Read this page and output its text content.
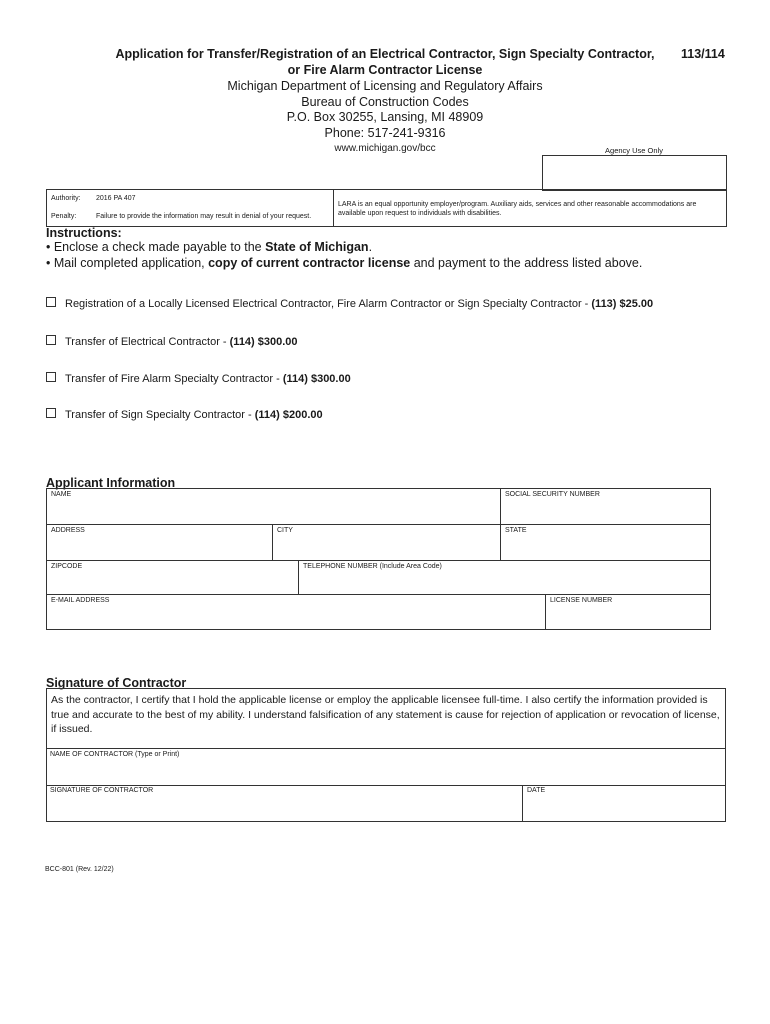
Application for Transfer/Registration of an Electrical Contractor, Sign Specialty Contractor,
or Fire Alarm Contractor License
113/114
Michigan Department of Licensing and Regulatory Affairs
Bureau of Construction Codes
P.O. Box 30255, Lansing, MI 48909
Phone: 517-241-9316
www.michigan.gov/bcc	Agency Use Only
Authority: 2016 PA 407
Penalty:	Failure to provide the information may result in denial of your request.
LARA is an equal opportunity employer/program. Auxiliary aids, services and other reasonable accommodations are available upon request to individuals with disabilities.
Instructions:
• Enclose a check made payable to the State of Michigan.
• Mail completed application, copy of current contractor license and payment to the address listed above.
Registration of a Locally Licensed Electrical Contractor, Fire Alarm Contractor or Sign Specialty Contractor - (113) $25.00
Transfer of Electrical Contractor - (114) $300.00
Transfer of Fire Alarm Specialty Contractor - (114) $300.00
Transfer of Sign Specialty Contractor - (114) $200.00
Applicant Information
NAME	SOCIAL SECURITY NUMBER
ADDRESS	CITY	STATE
ZIPCODE	TELEPHONE NUMBER (Include Area Code)
E-MAIL ADDRESS	LICENSE NUMBER
Signature of Contractor
As the contractor, I certify that I hold the applicable license or employ the applicable licensee full-time. I also certify the information provided is true and accurate to the best of my ability. I understand falsification of any statement is cause for rejection of application or revocation of license, if issued.
NAME OF CONTRACTOR (Type or Print)
SIGNATURE OF CONTRACTOR	DATE
BCC-801 (Rev. 12/22)
